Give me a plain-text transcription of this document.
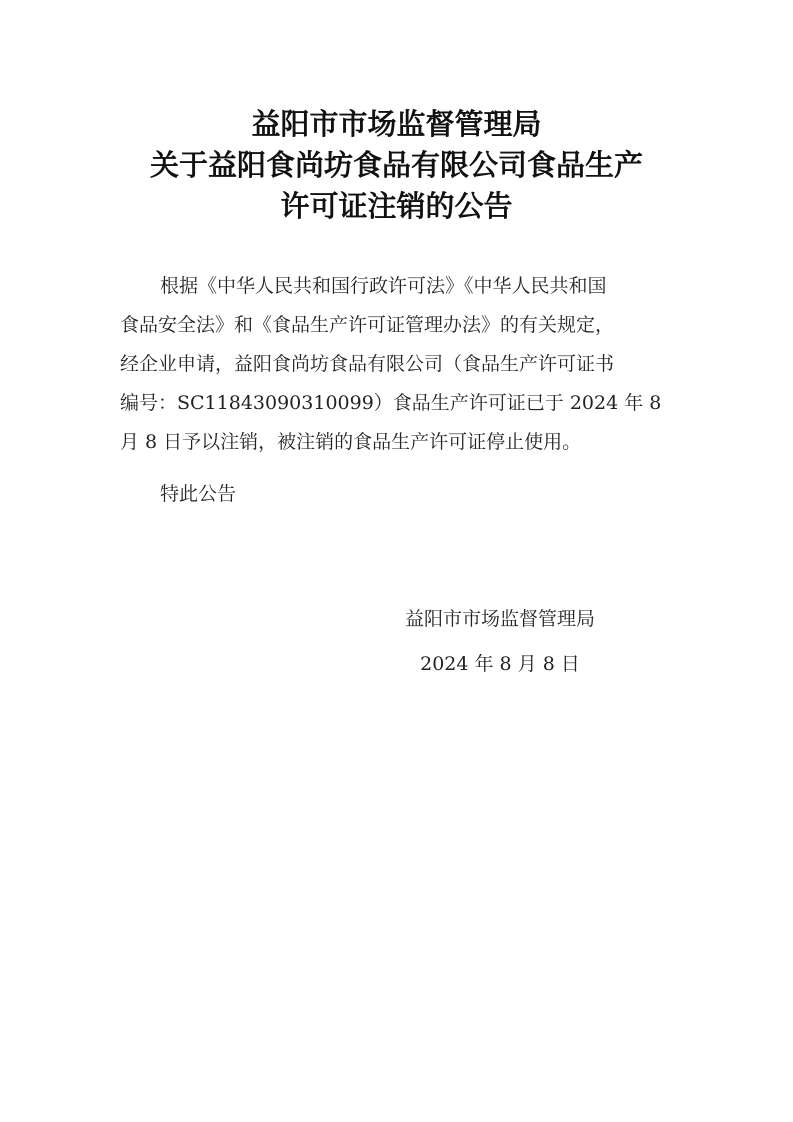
益阳市市场监督管理局
关于益阳食尚坊食品有限公司食品生产
许可证注销的公告
根据《中华人民共和国行政许可法》《中华人民共和国
食品安全法》和《食品生产许可证管理办法》的有关规定，
经企业申请，益阳食尚坊食品有限公司（食品生产许可证书
编号：SC11843090310099）食品生产许可证已于 2024 年 8
月 8 日予以注销，被注销的食品生产许可证停止使用。
特此公告
益阳市市场监督管理局
2024 年 8 月 8 日
